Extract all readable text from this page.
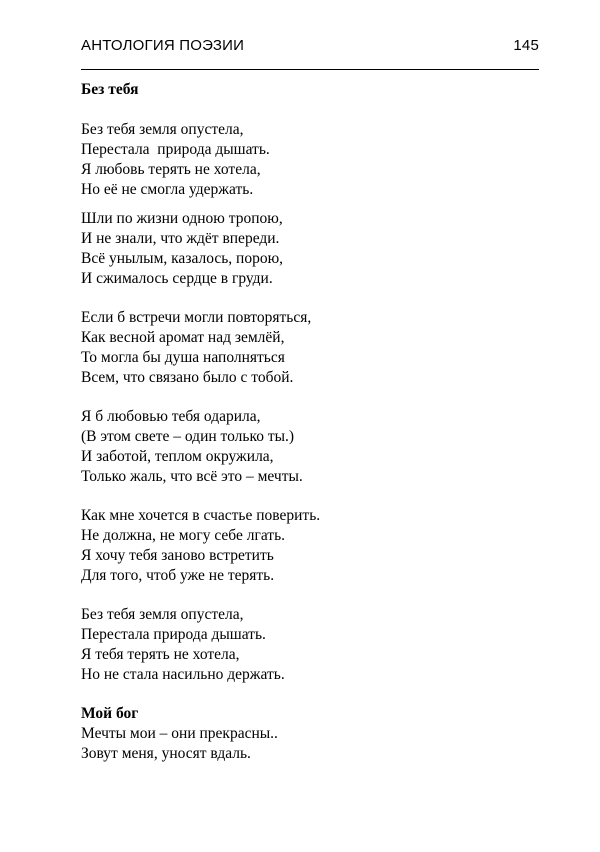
АНТОЛОГИЯ ПОЭЗИИ	145
Без тебя
Без тебя земля опустела,
Перестала  природа дышать.
Я любовь терять не хотела,
Но её не смогла удержать.
Шли по жизни одною тропою,
И не знали, что ждёт впереди.
Всё унылым, казалось, порою,
И сжималось сердце в груди.
Если б встречи могли повторяться,
Как весной аромат над землёй,
То могла бы душа наполняться
Всем, что связано было с тобой.
Я б любовью тебя одарила,
(В этом свете – один только ты.)
И заботой, теплом окружила,
Только жаль, что всё это – мечты.
Как мне хочется в счастье поверить.
Не должна, не могу себе лгать.
Я хочу тебя заново встретить
Для того, чтоб уже не терять.
Без тебя земля опустела,
Перестала природа дышать.
Я тебя терять не хотела,
Но не стала насильно держать.
Мой бог
Мечты мои – они прекрасны..
Зовут меня, уносят вдаль.
